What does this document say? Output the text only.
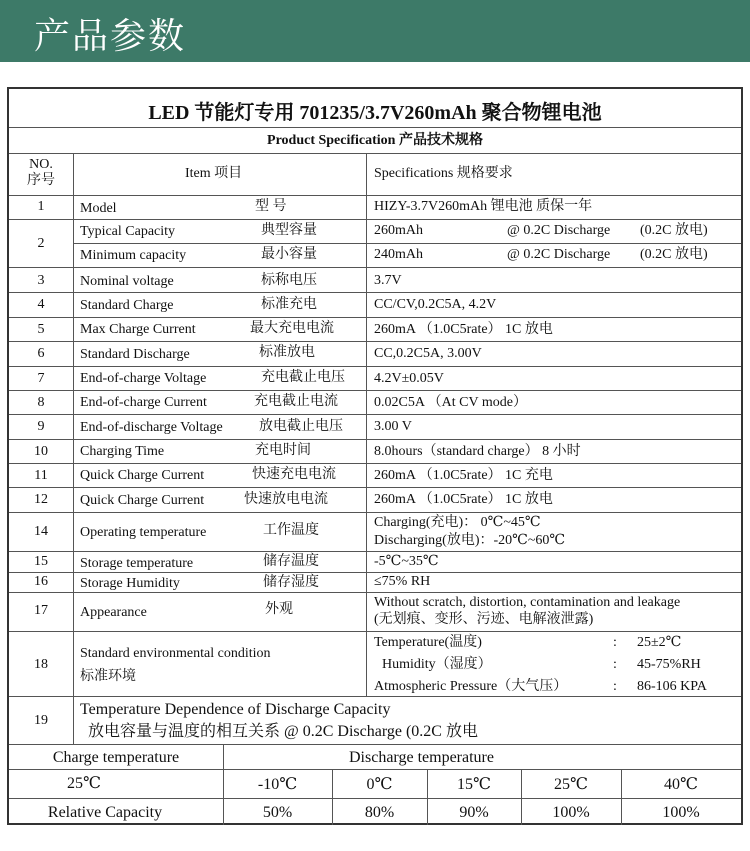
产品参数
LED 节能灯专用 701235/3.7V260mAh 聚合物锂电池
Product Specification 产品技术规格
NO.
序号	Item 项目	Specifications 规格要求
1	Model	型 号	HIZY-3.7V260mAh 锂电池 质保一年
2
Typical Capacity	典型容量	260mAh	@ 0.2C Discharge (0.2C 放电)
Minimum capacity	最小容量	240mAh	@ 0.2C Discharge (0.2C 放电)
3	Nominal voltage	标称电压	3.7V
4	Standard Charge	标准充电	CC/CV,0.2C5A, 4.2V
5	Max Charge Current	最大充电电流	260mA （1.0C5rate） 1C 放电
6	Standard Discharge	标准放电	CC,0.2C5A, 3.00V
7	End-of-charge Voltage	充电截止电压 4.2V±0.05V
8	End-of-charge Current	充电截止电流	0.02C5A （At CV mode）
9	End-of-discharge Voltage	放电截止电压 3.00 V
10	Charging Time	充电时间	8.0hours（standard charge） 8 小时
11	Quick Charge Current	快速充电电流	260mA （1.0C5rate） 1C 充电
12	Quick Charge Current	快速放电电流	260mA （1.0C5rate） 1C 放电
14	Operating temperature	工作温度
Charging(充电)： 0℃~45℃
Discharging(放电)：-20℃~60℃
15	Storage temperature	储存温度	-5℃~35℃
16	Storage Humidity	储存湿度	≤75% RH
17	Appearance	外观	Without scratch, distortion, contamination and leakage
(无划痕、变形、污迹、电解液泄露)
18
Standard environmental condition
标准环境
Temperature(温度)	: 25±2℃
Humidity（湿度）	: 45-75%RH
Atmospheric Pressure（大气压）	: 86-106 KPA
19
Temperature Dependence of Discharge Capacity
放电容量与温度的相互关系 @ 0.2C Discharge (0.2C 放电
Charge temperature	Discharge temperature
25℃	-10℃	0℃	15℃	25℃	40℃
Relative Capacity	50%	80%	90%	100%	100%
